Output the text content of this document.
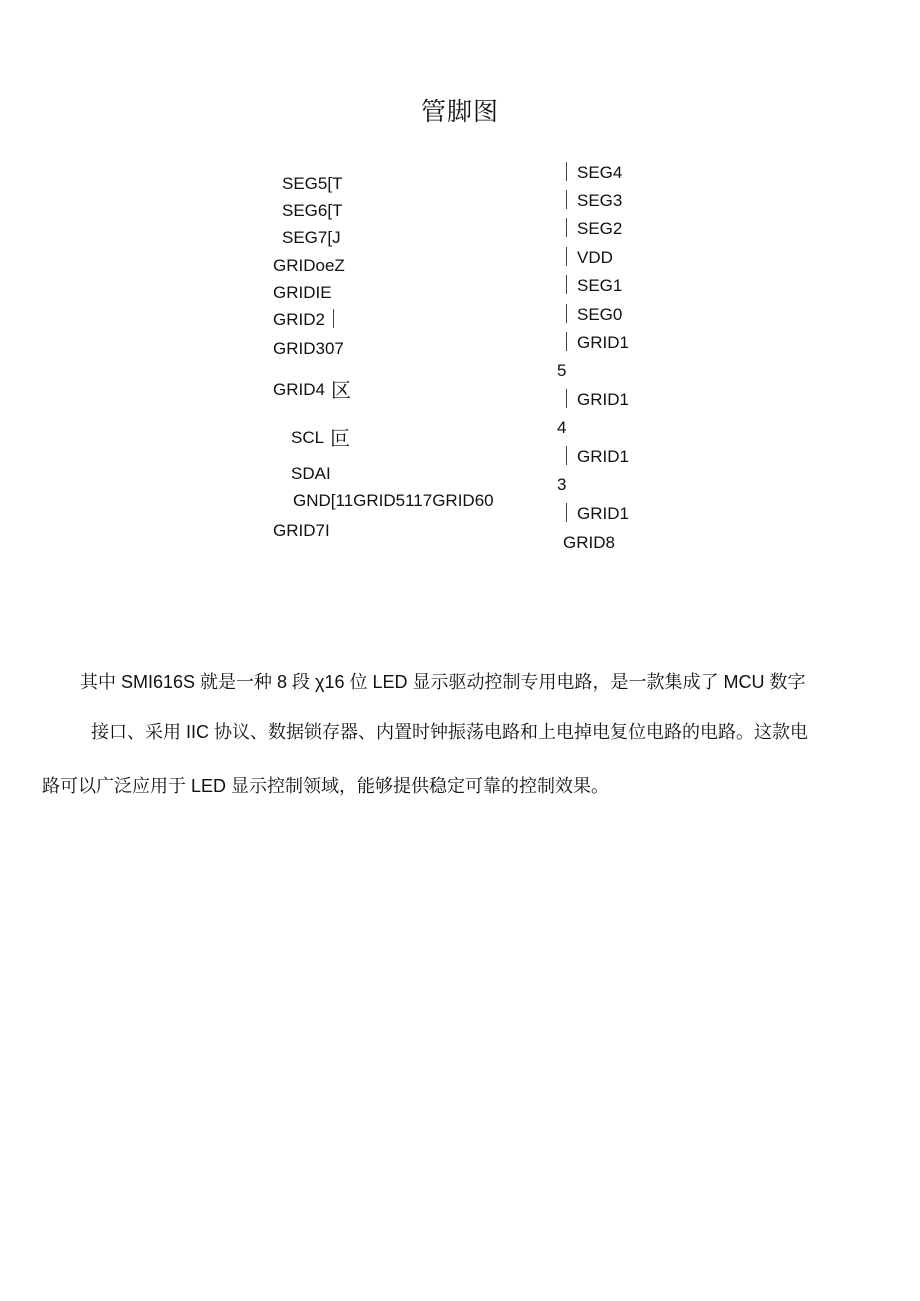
管脚图
SEG5[T
SEG6[T
SEG7[J
GRIDoeZ
GRIDIE
GRID2
GRID307
GRID4 区
SCL 叵
SDAI
GND[11GRID5117GRID60
GRID7I
SEG4
SEG3
SEG2
VDD
SEG1
SEG0
GRID1
5
GRID1
4
GRID1
3
GRID1
GRID8
其中 SMI616S 就是一种 8 段 χ16 位 LED 显示驱动控制专用电路，是一款集成了 MCU 数字
接口、采用 IIC 协议、数据锁存器、内置时钟振荡电路和上电掉电复位电路的电路。这款电
路可以广泛应用于 LED 显示控制领域，能够提供稳定可靠的控制效果。
